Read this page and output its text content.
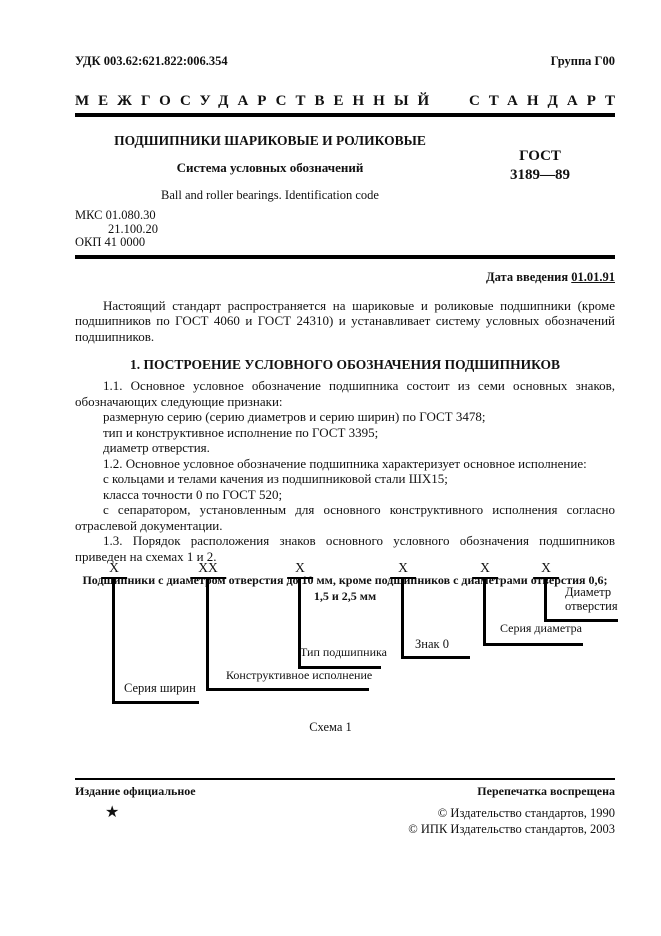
УДК 003.62:621.822:006.354	Группа Г00
МЕЖГОСУДАРСТВЕННЫЙ СТАНДАРТ
ПОДШИПНИКИ ШАРИКОВЫЕ И РОЛИКОВЫЕ
Система условных обозначений
Ball and roller bearings. Identification code
ГОСТ
3189—89
МКС 01.080.30
21.100.20
ОКП 41 0000
Дата введения 01.01.91

Настоящий стандарт распространяется на шариковые и роликовые подшипники (кроме подшипников по ГОСТ 4060 и ГОСТ 24310) и устанавливает систему условных обозначений подшипников.

1. ПОСТРОЕНИЕ УСЛОВНОГО ОБОЗНАЧЕНИЯ ПОДШИПНИКОВ

1.1. Основное условное обозначение подшипника состоит из семи основных знаков, обозначающих следующие признаки:

размерную серию (серию диаметров и серию ширин) по ГОСТ 3478;

тип и конструктивное исполнение по ГОСТ 3395;

диаметр отверстия.

1.2. Основное условное обозначение подшипника характеризует основное исполнение:

с кольцами и телами качения из подшипниковой стали ШХ15;

класса точности 0 по ГОСТ 520;

с сепаратором, установленным для основного конструктивного исполнения согласно отраслевой документации.

1.3. Порядок расположения знаков основного условного обозначения подшипников приведен на схемах 1 и 2.

Подшипники с диаметром отверстия до 10 мм, кроме подшипников с диаметрами отверстия 0,6; 1,5 и 2,5 мм

X	XX	X	X	X	X
Серия ширин
Конструктивное исполнение
Тип подшипника
Знак 0
Серия диаметра
Диаметр отверстия
Схема 1
Издание официальное	Перепечатка воспрещена
★	© Издательство стандартов, 1990
© ИПК Издательство стандартов, 2003
